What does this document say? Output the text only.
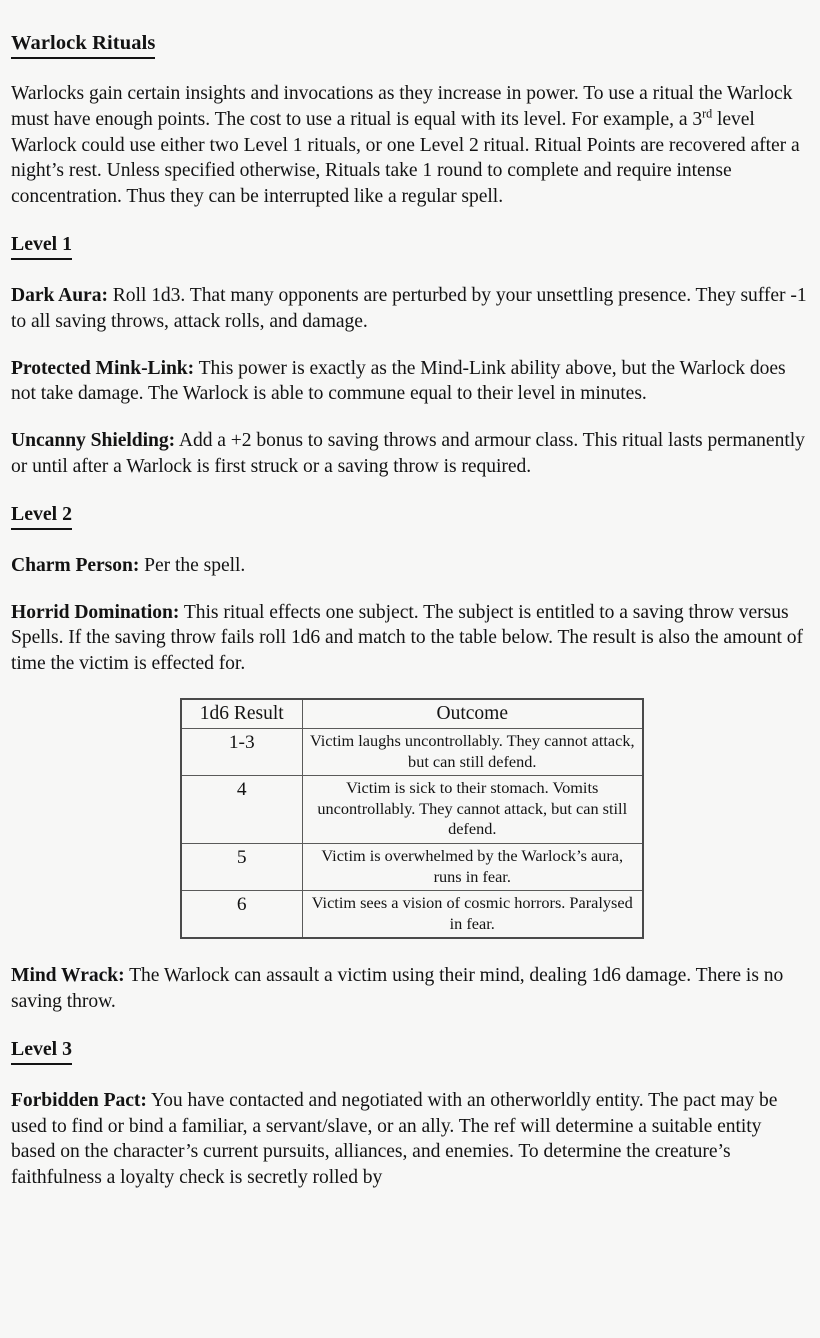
Warlock Rituals

Warlocks gain certain insights and invocations as they increase in power. To use a ritual the Warlock must have enough points. The cost to use a ritual is equal with its level. For example, a 3rd level Warlock could use either two Level 1 rituals, or one Level 2 ritual. Ritual Points are recovered after a night’s rest. Unless specified otherwise, Rituals take 1 round to complete and require intense concentration. Thus they can be interrupted like a regular spell.

Level 1

Dark Aura: Roll 1d3. That many opponents are perturbed by your unsettling presence. They suffer -1 to all saving throws, attack rolls, and damage.

Protected Mink-Link: This power is exactly as the Mind-Link ability above, but the Warlock does not take damage. The Warlock is able to commune equal to their level in minutes.

Uncanny Shielding: Add a +2 bonus to saving throws and armour class. This ritual lasts permanently or until after a Warlock is first struck or a saving throw is required.

Level 2

Charm Person: Per the spell.

Horrid Domination: This ritual effects one subject. The subject is entitled to a saving throw versus Spells. If the saving throw fails roll 1d6 and match to the table below. The result is also the amount of time the victim is effected for.

1d6 Result	Outcome
1-3	Victim laughs uncontrollably. They cannot attack, but can still defend.
4	Victim is sick to their stomach. Vomits uncontrollably. They cannot attack, but can still defend.
5	Victim is overwhelmed by the Warlock’s aura, runs in fear.
6	Victim sees a vision of cosmic horrors. Paralysed in fear.

Mind Wrack: The Warlock can assault a victim using their mind, dealing 1d6 damage. There is no saving throw.

Level 3

Forbidden Pact: You have contacted and negotiated with an otherworldly entity. The pact may be used to find or bind a familiar, a servant/slave, or an ally. The ref will determine a suitable entity based on the character’s current pursuits, alliances, and enemies. To determine the creature’s faithfulness a loyalty check is secretly rolled by
